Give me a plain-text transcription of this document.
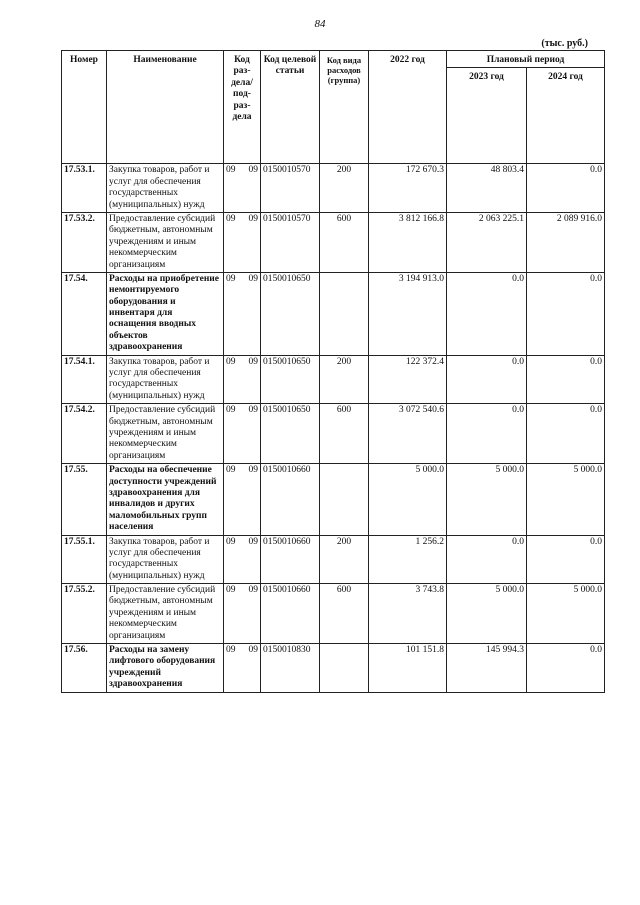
84
(тыс. руб.)
Номер	Наименование	Код раз-дела/ под-раз-дела	Код целевой статьи	Код вида расходов (группа)	2022 год	Плановый период	
						2023 год	2024 год
17.53.1.	Закупка товаров, работ и услуг для обеспечения государственных (муниципальных) нужд	09 09	0150010570	200	172 670.3	48 803.4	0.0
17.53.2.	Предоставление субсидий бюджетным, автономным учреждениям и иным некоммерческим организациям	09 09	0150010570	600	3 812 166.8	2 063 225.1	2 089 916.0
17.54.	Расходы на приобретение немонтируемого оборудования и инвентаря для оснащения вводных объектов здравоохранения	09 09	0150010650		3 194 913.0	0.0	0.0
17.54.1.	Закупка товаров, работ и услуг для обеспечения государственных (муниципальных) нужд	09 09	0150010650	200	122 372.4	0.0	0.0
17.54.2.	Предоставление субсидий бюджетным, автономным учреждениям и иным некоммерческим организациям	09 09	0150010650	600	3 072 540.6	0.0	0.0
17.55.	Расходы на обеспечение доступности учреждений здравоохранения для инвалидов и других маломобильных групп населения	09 09	0150010660		5 000.0	5 000.0	5 000.0
17.55.1.	Закупка товаров, работ и услуг для обеспечения государственных (муниципальных) нужд	09 09	0150010660	200	1 256.2	0.0	0.0
17.55.2.	Предоставление субсидий бюджетным, автономным учреждениям и иным некоммерческим организациям	09 09	0150010660	600	3 743.8	5 000.0	5 000.0
17.56.	Расходы на замену лифтового оборудования учреждений здравоохранения	09 09	0150010830		101 151.8	145 994.3	0.0
